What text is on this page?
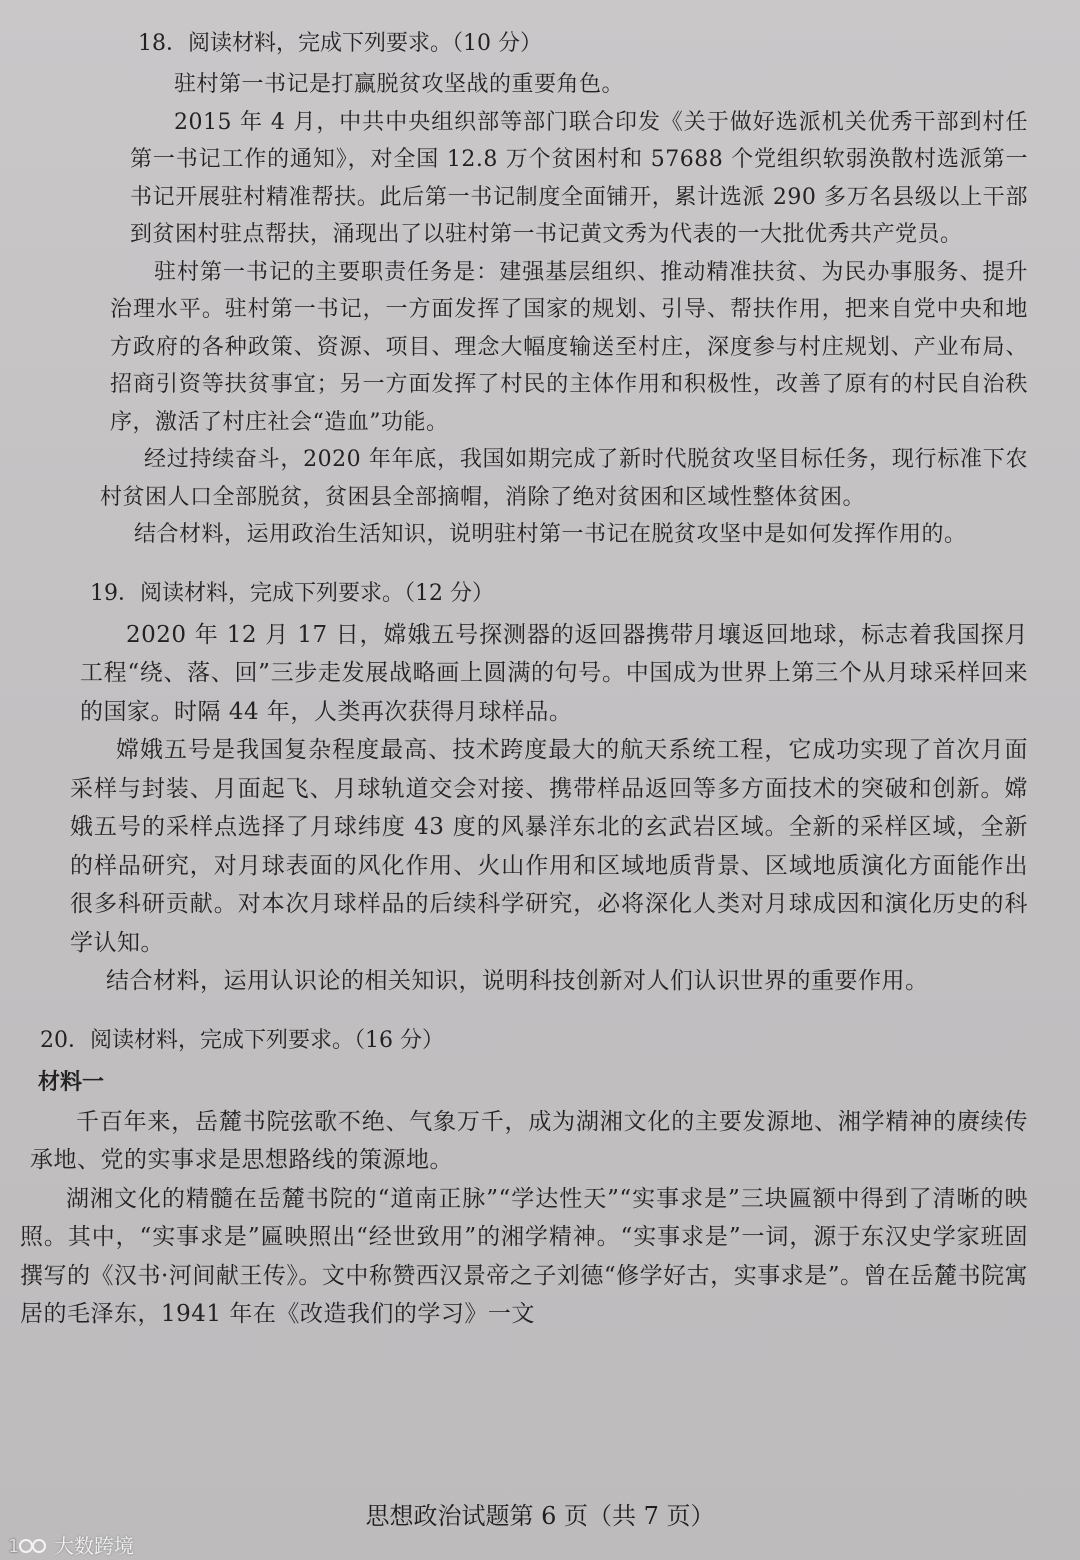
18．阅读材料，完成下列要求。（10 分）

驻村第一书记是打赢脱贫攻坚战的重要角色。

2015 年 4 月，中共中央组织部等部门联合印发《关于做好选派机关优秀干部到村任第一书记工作的通知》，对全国 12.8 万个贫困村和 57688 个党组织软弱涣散村选派第一书记开展驻村精准帮扶。此后第一书记制度全面铺开，累计选派 290 多万名县级以上干部到贫困村驻点帮扶，涌现出了以驻村第一书记黄文秀为代表的一大批优秀共产党员。

驻村第一书记的主要职责任务是：建强基层组织、推动精准扶贫、为民办事服务、提升治理水平。驻村第一书记，一方面发挥了国家的规划、引导、帮扶作用，把来自党中央和地方政府的各种政策、资源、项目、理念大幅度输送至村庄，深度参与村庄规划、产业布局、招商引资等扶贫事宜；另一方面发挥了村民的主体作用和积极性，改善了原有的村民自治秩序，激活了村庄社会“造血”功能。

经过持续奋斗，2020 年年底，我国如期完成了新时代脱贫攻坚目标任务，现行标准下农村贫困人口全部脱贫，贫困县全部摘帽，消除了绝对贫困和区域性整体贫困。

结合材料，运用政治生活知识，说明驻村第一书记在脱贫攻坚中是如何发挥作用的。

19．阅读材料，完成下列要求。（12 分）

2020 年 12 月 17 日，嫦娥五号探测器的返回器携带月壤返回地球，标志着我国探月工程“绕、落、回”三步走发展战略画上圆满的句号。中国成为世界上第三个从月球采样回来的国家。时隔 44 年，人类再次获得月球样品。

嫦娥五号是我国复杂程度最高、技术跨度最大的航天系统工程，它成功实现了首次月面采样与封装、月面起飞、月球轨道交会对接、携带样品返回等多方面技术的突破和创新。嫦娥五号的采样点选择了月球纬度 43 度的风暴洋东北的玄武岩区域。全新的采样区域，全新的样品研究，对月球表面的风化作用、火山作用和区域地质背景、区域地质演化方面能作出很多科研贡献。对本次月球样品的后续科学研究，必将深化人类对月球成因和演化历史的科学认知。

结合材料，运用认识论的相关知识，说明科技创新对人们认识世界的重要作用。

20．阅读材料，完成下列要求。（16 分）

材料一

千百年来，岳麓书院弦歌不绝、气象万千，成为湖湘文化的主要发源地、湘学精神的赓续传承地、党的实事求是思想路线的策源地。

湖湘文化的精髓在岳麓书院的“道南正脉”“学达性天”“实事求是”三块匾额中得到了清晰的映照。其中，“实事求是”匾映照出“经世致用”的湘学精神。“实事求是”一词，源于东汉史学家班固撰写的《汉书·河间献王传》。文中称赞西汉景帝之子刘德“修学好古，实事求是”。曾在岳麓书院寓居的毛泽东，1941 年在《改造我们的学习》一文

思想政治试题第 6 页（共 7 页）
1 大数跨境
